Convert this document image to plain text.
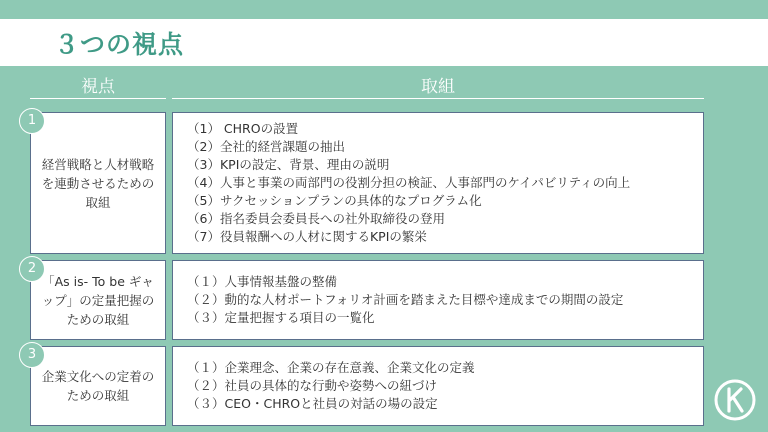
３つの視点
視点	取組
経営戦略と人材戦略を連動させるための取組
（1） CHROの設置
（2）全社的経営課題の抽出
（3）KPIの設定、背景、理由の説明
（4）人事と事業の両部門の役割分担の検証、人事部門のケイパビリティの向上
（5）サクセッションプランの具体的なプログラム化
（6）指名委員会委員長への社外取締役の登用
（7）役員報酬への人材に関するKPIの繁栄
1
「As is- To be ギャップ」の定量把握のための取組
（１）人事情報基盤の整備
（２）動的な人材ポートフォリオ計画を踏まえた目標や達成までの期間の設定
（３）定量把握する項目の一覧化
2
企業文化への定着のための取組
（１）企業理念、企業の存在意義、企業文化の定義
（２）社員の具体的な行動や姿勢への紐づけ
（３）CEO・CHROと社員の対話の場の設定
3
